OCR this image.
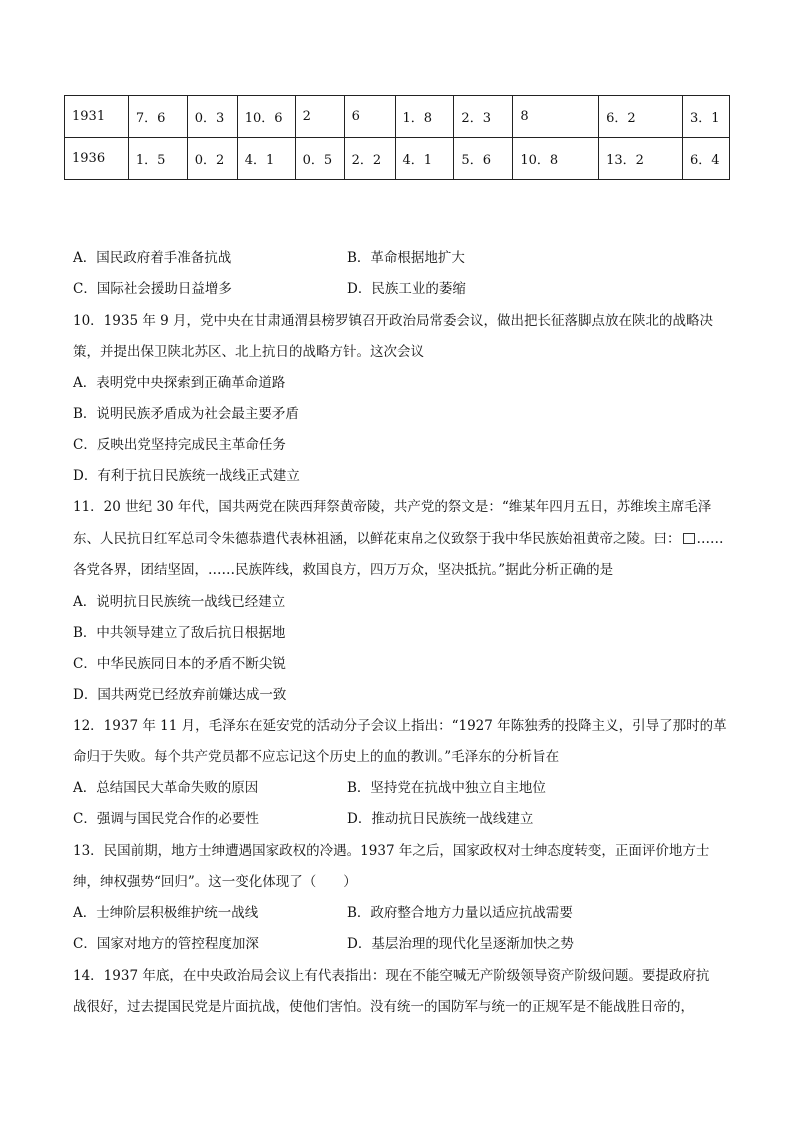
1931	7．6	0．3	10．6	2	6	1．8	2．3	8	6．2	3．1
1936	1．5	0．2	4．1	0．5	2．2	4．1	5．6	10．8	13．2	6．4
A．国民政府着手准备抗战	B．革命根据地扩大
C．国际社会援助日益增多	D．民族工业的萎缩
10．1935 年 9 月，党中央在甘肃通渭县榜罗镇召开政治局常委会议，做出把长征落脚点放在陕北的战略决
策，并提出保卫陕北苏区、北上抗日的战略方针。这次会议
A．表明党中央探索到正确革命道路
B．说明民族矛盾成为社会最主要矛盾
C．反映出党坚持完成民主革命任务
D．有利于抗日民族统一战线正式建立
11．20 世纪 30 年代，国共两党在陕西拜祭黄帝陵，共产党的祭文是：“维某年四月五日，苏维埃主席毛泽
东、人民抗日红军总司令朱德恭遣代表林祖涵，以鲜花束帛之仪致祭于我中华民族始祖黄帝之陵。曰： ……
各党各界，团结坚固，……民族阵线，救国良方，四万万众，坚决抵抗。”据此分析正确的是
A．说明抗日民族统一战线已经建立
B．中共领导建立了敌后抗日根据地
C．中华民族同日本的矛盾不断尖锐
D．国共两党已经放弃前嫌达成一致
12．1937 年 11 月，毛泽东在延安党的活动分子会议上指出：“1927 年陈独秀的投降主义，引导了那时的革
命归于失败。每个共产党员都不应忘记这个历史上的血的教训。”毛泽东的分析旨在
A．总结国民大革命失败的原因	B．坚持党在抗战中独立自主地位
C．强调与国民党合作的必要性	D．推动抗日民族统一战线建立
13．民国前期，地方士绅遭遇国家政权的冷遇。1937 年之后，国家政权对士绅态度转变，正面评价地方士
绅，绅权强势“回归”。这一变化体现了（　　）
A．士绅阶层积极维护统一战线	B．政府整合地方力量以适应抗战需要
C．国家对地方的管控程度加深	D．基层治理的现代化呈逐渐加快之势
14．1937 年底，在中央政治局会议上有代表指出：现在不能空喊无产阶级领导资产阶级问题。要提政府抗
战很好，过去提国民党是片面抗战，使他们害怕。没有统一的国防军与统一的正规军是不能战胜日帝的，
